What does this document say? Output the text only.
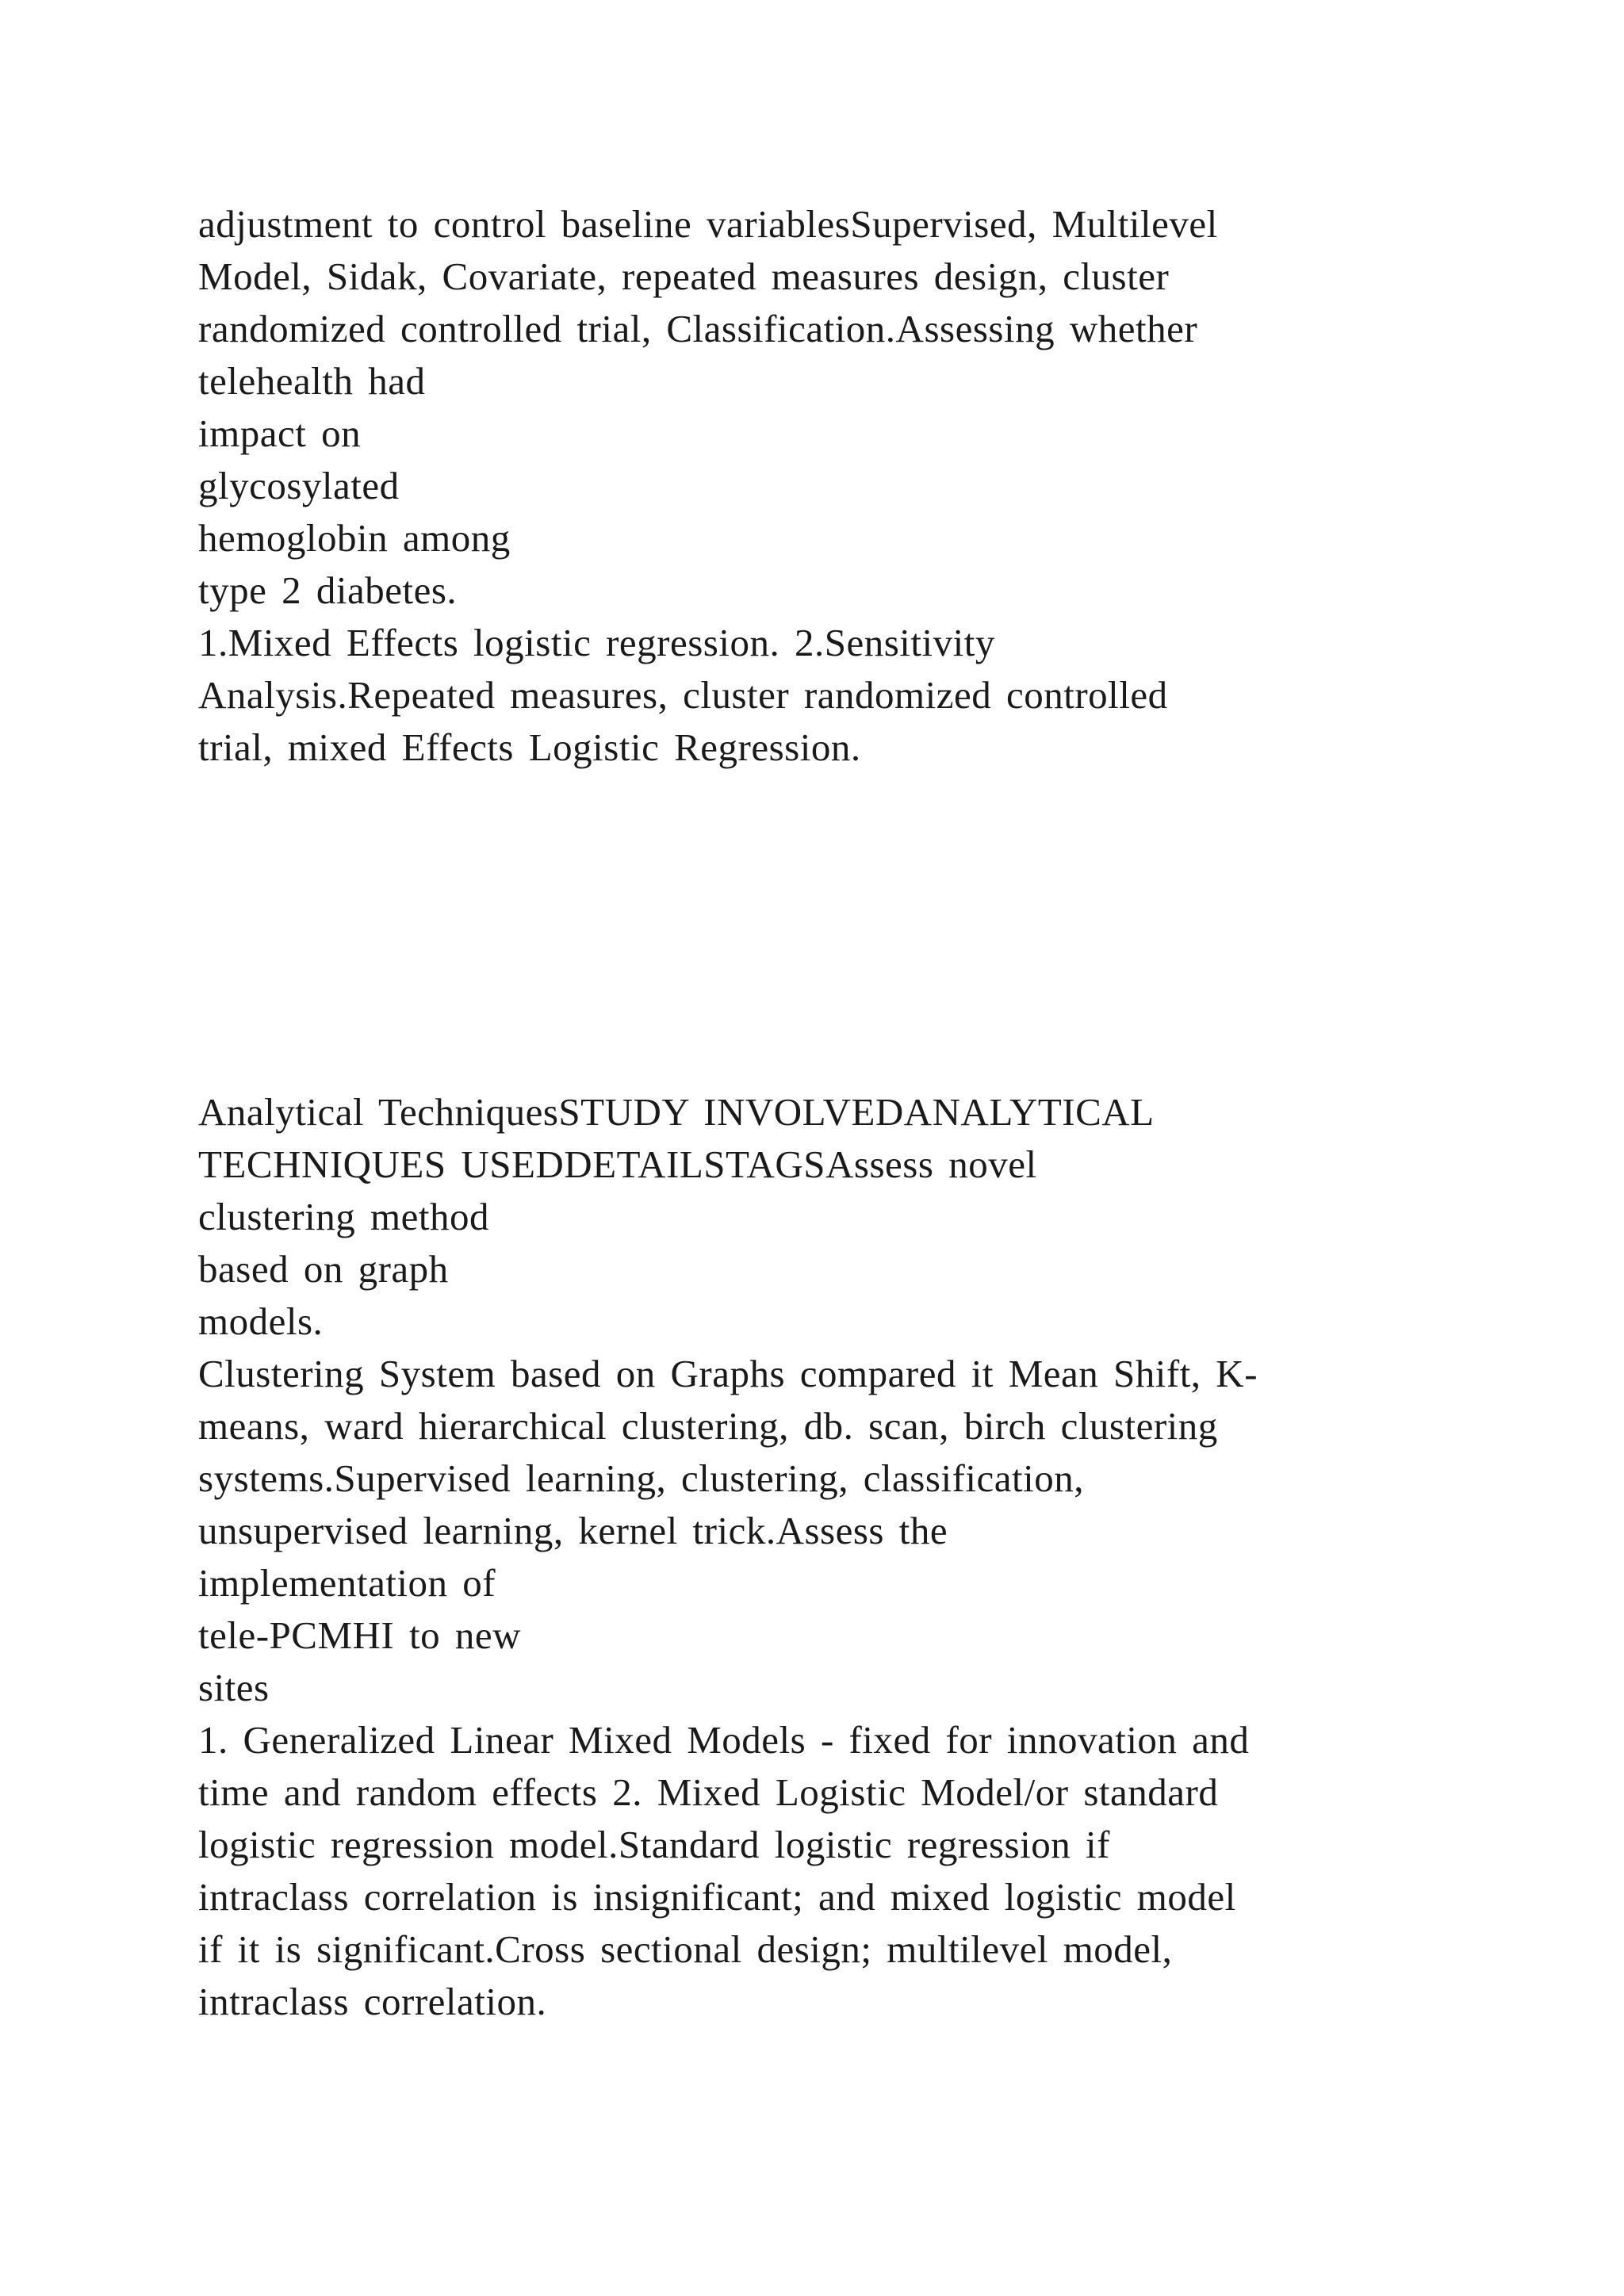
adjustment to control baseline variablesSupervised, Multilevel

Model, Sidak, Covariate, repeated measures design, cluster

randomized controlled trial, Classification.Assessing whether

telehealth had

impact on

glycosylated

hemoglobin among

type 2 diabetes.

1.Mixed Effects logistic regression. 2.Sensitivity

Analysis.Repeated measures, cluster randomized controlled

trial, mixed Effects Logistic Regression.

Analytical TechniquesSTUDY INVOLVEDANALYTICAL

TECHNIQUES USEDDETAILSTAGSAssess novel

clustering method

based on graph

models.

Clustering System based on Graphs compared it Mean Shift, K-

means, ward hierarchical clustering, db. scan, birch clustering

systems.Supervised learning, clustering, classification,

unsupervised learning, kernel trick.Assess the

implementation of

tele-PCMHI to new

sites

1. Generalized Linear Mixed Models - fixed for innovation and

time and random effects 2. Mixed Logistic Model/or standard

logistic regression model.Standard logistic regression if

intraclass correlation is insignificant; and mixed logistic model

if it is significant.Cross sectional design; multilevel model,

intraclass correlation.
